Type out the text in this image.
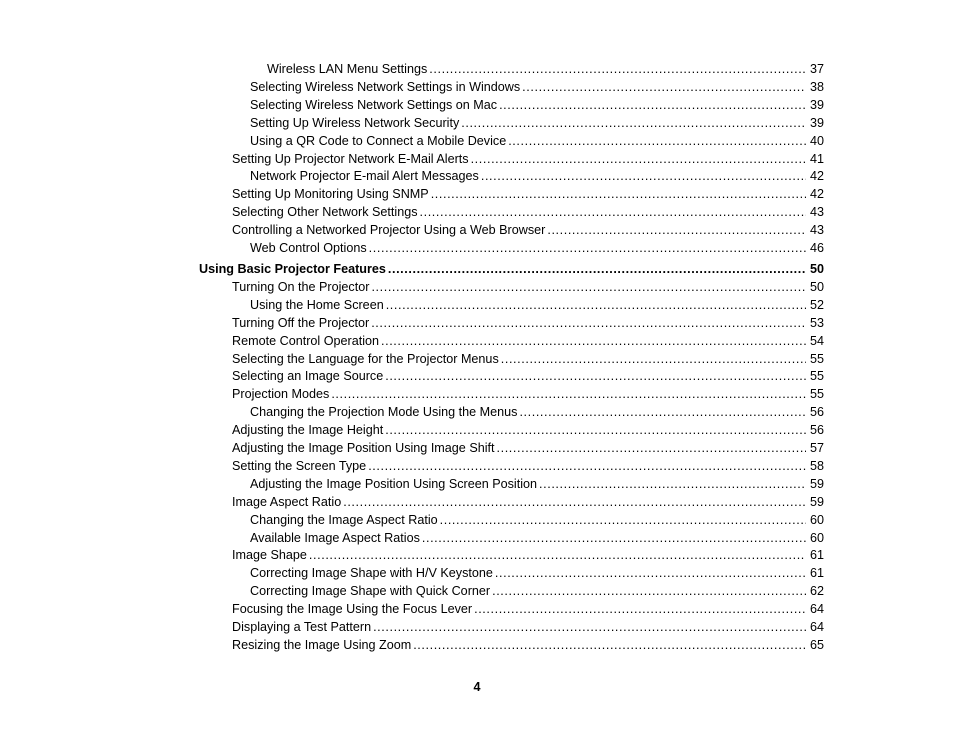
Wireless LAN Menu Settings .....	37
Selecting Wireless Network Settings in Windows .....	38
Selecting Wireless Network Settings on Mac .....	39
Setting Up Wireless Network Security .....	39
Using a QR Code to Connect a Mobile Device .....	40
Setting Up Projector Network E-Mail Alerts .....	41
Network Projector E-mail Alert Messages .....	42
Setting Up Monitoring Using SNMP .....	42
Selecting Other Network Settings .....	43
Controlling a Networked Projector Using a Web Browser .....	43
Web Control Options .....	46
Using Basic Projector Features .....	50
Turning On the Projector .....	50
Using the Home Screen .....	52
Turning Off the Projector .....	53
Remote Control Operation .....	54
Selecting the Language for the Projector Menus .....	55
Selecting an Image Source .....	55
Projection Modes .....	55
Changing the Projection Mode Using the Menus .....	56
Adjusting the Image Height .....	56
Adjusting the Image Position Using Image Shift .....	57
Setting the Screen Type .....	58
Adjusting the Image Position Using Screen Position .....	59
Image Aspect Ratio .....	59
Changing the Image Aspect Ratio .....	60
Available Image Aspect Ratios .....	60
Image Shape .....	61
Correcting Image Shape with H/V Keystone .....	61
Correcting Image Shape with Quick Corner .....	62
Focusing the Image Using the Focus Lever .....	64
Displaying a Test Pattern .....	64
Resizing the Image Using Zoom .....	65
4
